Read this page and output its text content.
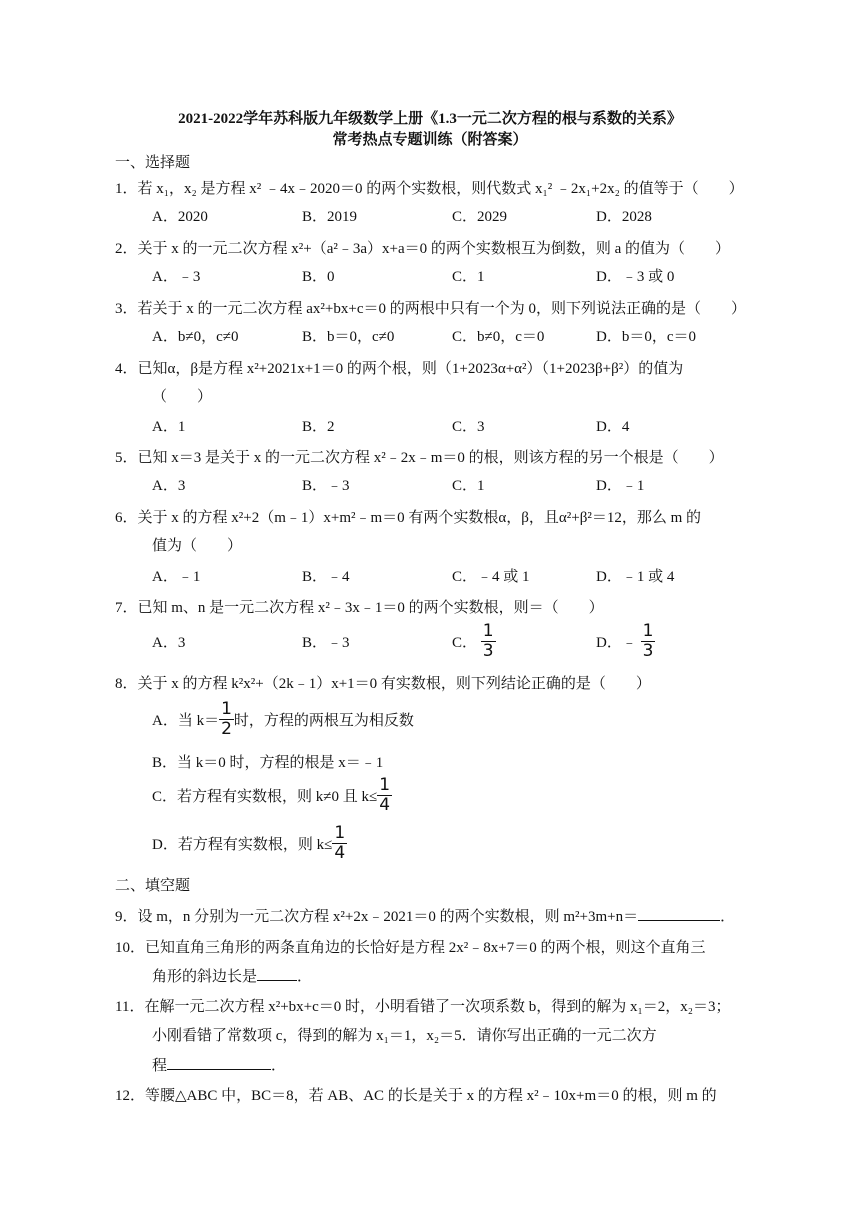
2021-2022学年苏科版九年级数学上册《1.3一元二次方程的根与系数的关系》
常考热点专题训练（附答案）
一、选择题
1．若 x₁，x₂ 是方程 x² ﹣4x﹣2020＝0 的两个实数根，则代数式 x₁² ﹣2x₁+2x₂ 的值等于（　　）
A．2020	B．2019	C．2029	D．2028
2．关于 x 的一元二次方程 x²+（a²﹣3a）x+a＝0 的两个实数根互为倒数，则 a 的值为（　　）
A．﹣3	B．0	C．1	D．﹣3 或 0
3．若关于 x 的一元二次方程 ax²+bx+c＝0 的两根中只有一个为 0，则下列说法正确的是（　　）
A．b≠0，c≠0	B．b＝0，c≠0	C．b≠0，c＝0	D．b＝0，c＝0
4．已知α，β是方程 x²+2021x+1＝0 的两个根，则（1+2023α+α²）（1+2023β+β²）的值为
（　　）
A．1	B．2	C．3	D．4
5．已知 x＝3 是关于 x 的一元二次方程 x²﹣2x﹣m＝0 的根，则该方程的另一个根是（　　）
A．3	B．﹣3	C．1	D．﹣1
6．关于 x 的方程 x²+2（m﹣1）x+m²﹣m＝0 有两个实数根α，β，且α²+β²＝12，那么 m 的
值为（　　）
A．﹣1	B．﹣4	C．﹣4 或 1	D．﹣1 或 4
7．已知 m、n 是一元二次方程 x²﹣3x﹣1＝0 的两个实数根，则＝（　　）
A．3	B．﹣3	C． $\frac{1}{3}$	D．﹣ $\frac{1}{3}$
8．关于 x 的方程 k²x²+（2k﹣1）x+1＝0 有实数根，则下列结论正确的是（　　）
A．当 $k= \frac{1}{2}$ 时，方程的两根互为相反数
B．当 k＝0 时，方程的根是 x＝﹣1
C．若方程有实数根，则 k≠0 且 $k\le \frac{1}{4}$
D．若方程有实数根，则 $k\le \frac{1}{4}$
二、填空题
9．设 m，n 分别为一元二次方程 x²+2x﹣2021＝0 的两个实数根，则 m²+3m+n＝	．
10．已知直角三角形的两条直角边的长恰好是方程 2x²﹣8x+7＝0 的两个根，则这个直角三
角形的斜边长是	．
11．在解一元二次方程 x²+bx+c＝0 时，小明看错了一次项系数 b，得到的解为 x₁＝2，x₂＝3；
小刚看错了常数项 c，得到的解为 x₁＝1，x₂＝5．请你写出正确的一元二次方
程	．
12．等腰△ABC 中，BC＝8，若 AB、AC 的长是关于 x 的方程 x²﹣10x+m＝0 的根，则 m 的
